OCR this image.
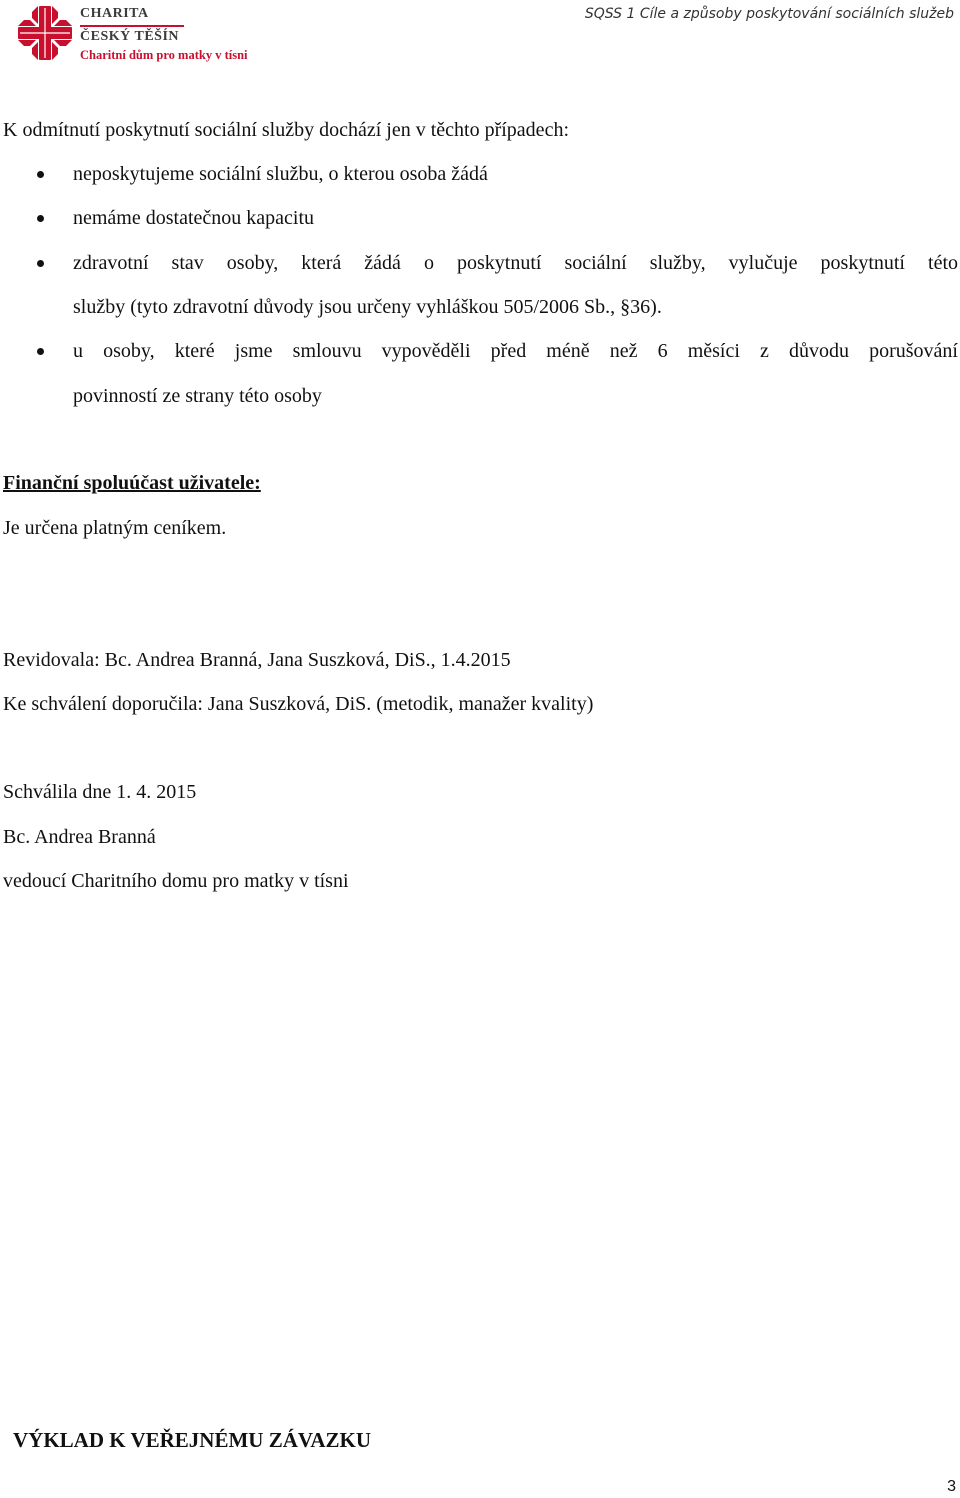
CHARITA
ČESKÝ TĚŠÍN
Charitní dům pro matky v tísni
SQSS 1 Cíle a způsoby poskytování sociálních služeb
K odmítnutí poskytnutí sociální služby dochází jen v těchto případech:
neposkytujeme sociální službu, o kterou osoba žádá
nemáme dostatečnou kapacitu
zdravotní stav osoby, která žádá o poskytnutí sociální služby, vylučuje poskytnutí této
služby (tyto zdravotní důvody jsou určeny vyhláškou 505/2006 Sb., §36).
u osoby, které jsme smlouvu vypověděli před méně než 6 měsíci z důvodu porušování
povinností ze strany této osoby
Finanční spoluúčast uživatele:
Je určena platným ceníkem.
Revidovala: Bc. Andrea Branná, Jana Suszková, DiS., 1.4.2015
Ke schválení doporučila: Jana Suszková, DiS. (metodik, manažer kvality)
Schválila dne 1. 4. 2015
Bc. Andrea Branná
vedoucí Charitního domu pro matky v tísni
VÝKLAD K VEŘEJNÉMU ZÁVAZKU
3
